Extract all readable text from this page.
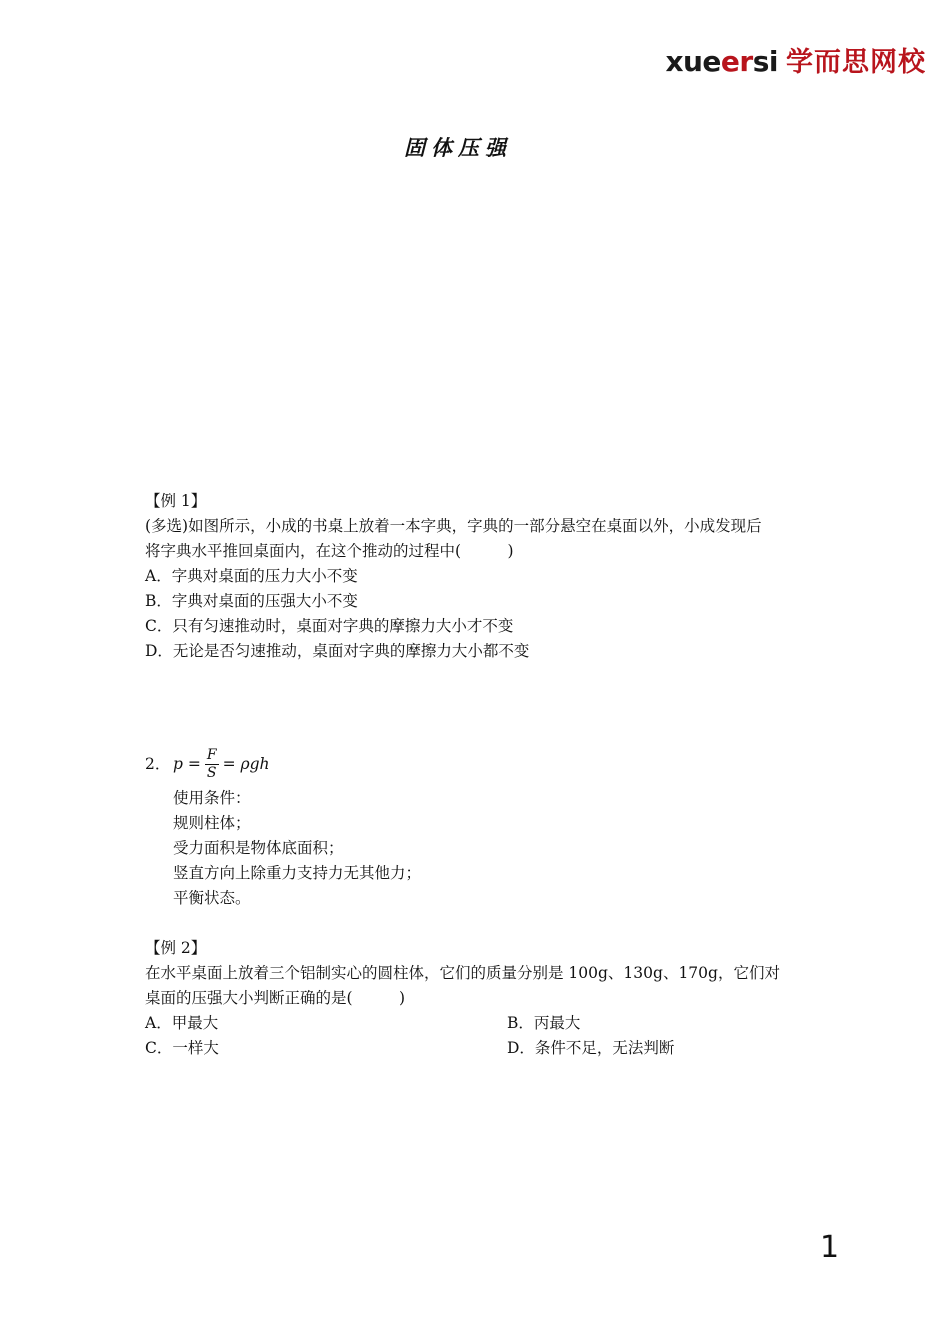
xue er si 学而思网校
固体压强
【例 1】
(多选)如图所示，小成的书桌上放着一本字典，字典的一部分悬空在桌面以外，小成发现后
将字典水平推回桌面内，在这个推动的过程中(　　　)
A．字典对桌面的压力大小不变
B．字典对桌面的压强大小不变
C．只有匀速推动时，桌面对字典的摩擦力大小才不变
D．无论是否匀速推动，桌面对字典的摩擦力大小都不变
2． $p = \frac{F}{S} = \rho gh$
使用条件：
规则柱体；
受力面积是物体底面积；
竖直方向上除重力支持力无其他力；
平衡状态。
【例 2】
在水平桌面上放着三个铝制实心的圆柱体，它们的质量分别是 100g、130g、170g，它们对
桌面的压强大小判断正确的是(　　　)
A．甲最大	B．丙最大
C．一样大	D．条件不足，无法判断
1
